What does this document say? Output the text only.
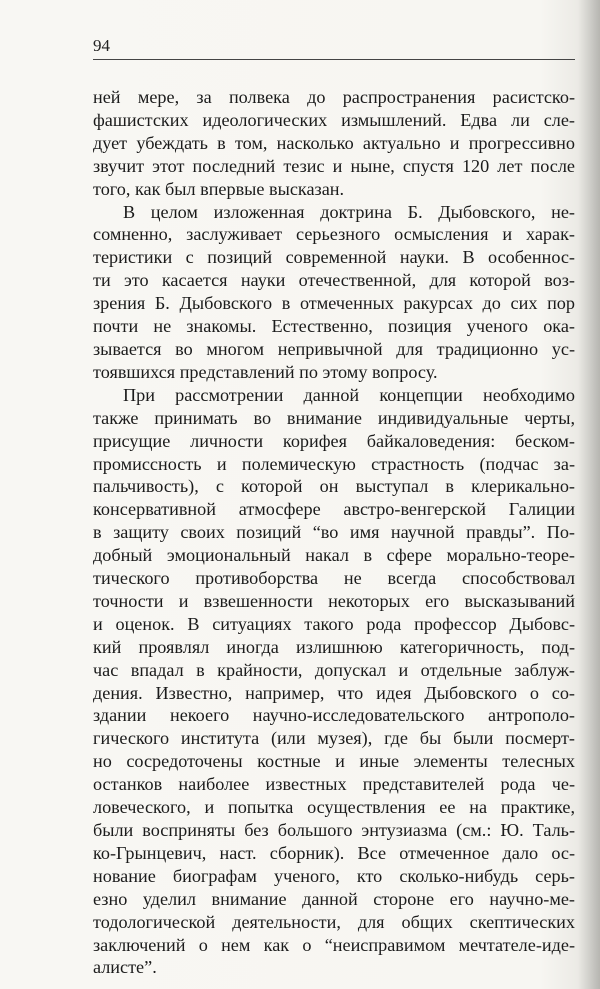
94

ней мере, за полвека до распространения расистско-
фашистских идеологических измышлений. Едва ли сле-
дует убеждать в том, насколько актуально и прогрессивно
звучит этот последний тезис и ныне, спустя 120 лет после
того, как был впервые высказан.

В целом изложенная доктрина Б. Дыбовского, не-
сомненно, заслуживает серьезного осмысления и харак-
теристики с позиций современной науки. В особеннос-
ти это касается науки отечественной, для которой воз-
зрения Б. Дыбовского в отмеченных ракурсах до сих пор
почти не знакомы. Естественно, позиция ученого ока-
зывается во многом непривычной для традиционно ус-
тоявшихся представлений по этому вопросу.

При рассмотрении данной концепции необходимо
также принимать во внимание индивидуальные черты,
присущие личности корифея байкаловедения: беском-
промиссность и полемическую страстность (подчас за-
пальчивость), с которой он выступал в клерикально-
консервативной атмосфере австро-венгерской Галиции
в защиту своих позиций “во имя научной правды”. По-
добный эмоциональный накал в сфере морально-теоре-
тического противоборства не всегда способствовал
точности и взвешенности некоторых его высказываний
и оценок. В ситуациях такого рода профессор Дыбовс-
кий проявлял иногда излишнюю категоричность, под-
час впадал в крайности, допускал и отдельные заблуж-
дения. Известно, например, что идея Дыбовского о со-
здании некоего научно-исследовательского антрополо-
гического института (или музея), где бы были посмерт-
но сосредоточены костные и иные элементы телесных
останков наиболее известных представителей рода че-
ловеческого, и попытка осуществления ее на практике,
были восприняты без большого энтузиазма (см.: Ю. Таль-
ко-Грынцевич, наст. сборник). Все отмеченное дало ос-
нование биографам ученого, кто сколько-нибудь серь-
езно уделил внимание данной стороне его научно-ме-
тодологической деятельности, для общих скептических
заключений о нем как о “неисправимом мечтателе-иде-
алисте”.
